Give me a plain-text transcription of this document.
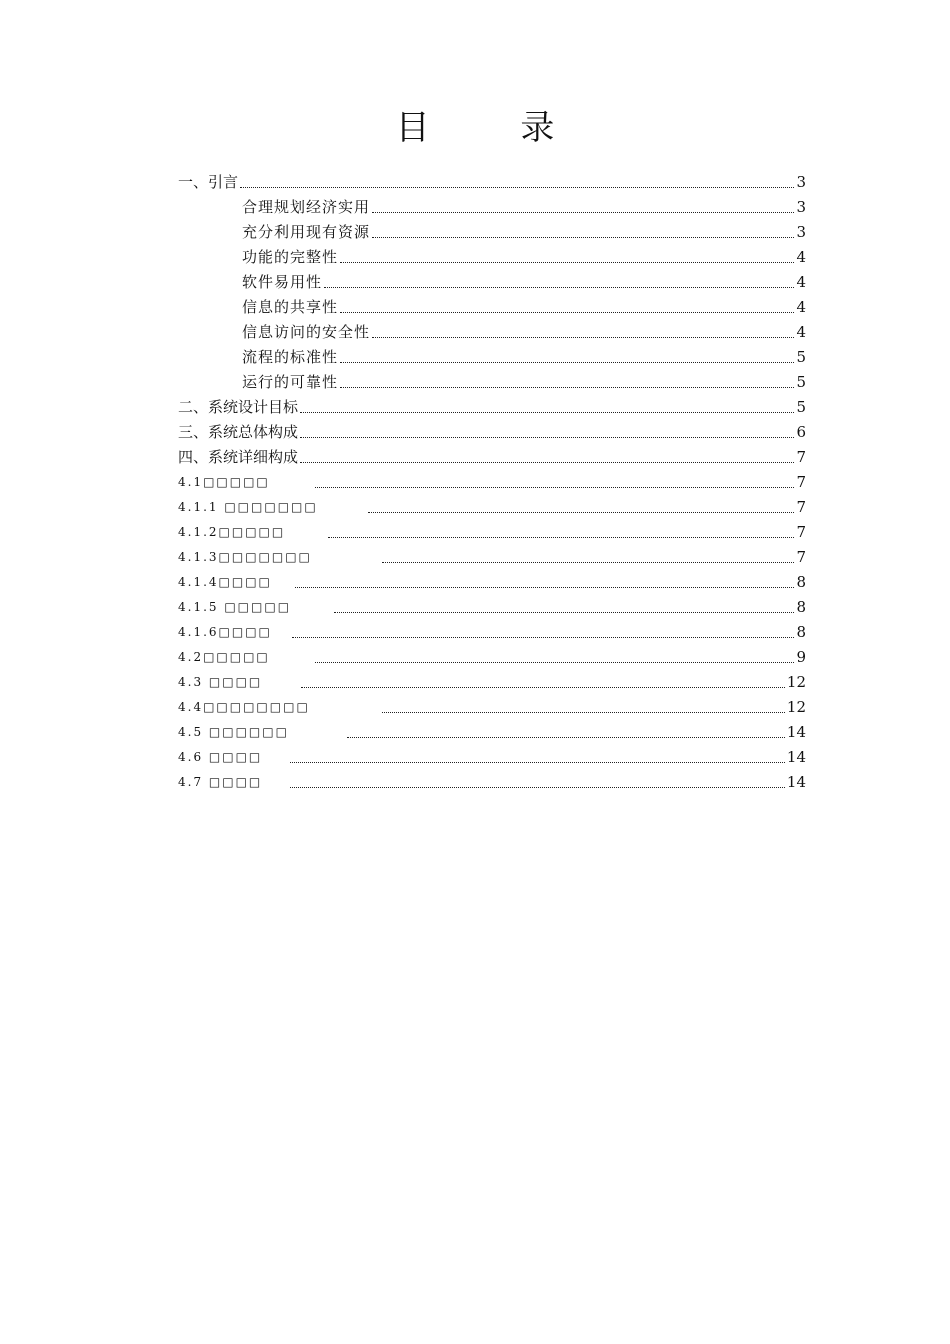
目 录
一、引言	3
合理规划经济实用	3
充分利用现有资源	3
功能的完整性	4
软件易用性	4
信息的共享性	4
信息访问的安全性	4
流程的标准性	5
运行的可靠性	5
二、系统设计目标	5
三、系统总体构成	6
四、系统详细构成	7
4.1□□□□□	7
4.1.1 □□□□□□□	7
4.1.2□□□□□	7
4.1.3□□□□□□□	7
4.1.4□□□□	8
4.1.5 □□□□□	8
4.1.6□□□□	8
4.2□□□□□	9
4.3 □□□□	12
4.4□□□□□□□□	12
4.5 □□□□□□	14
4.6 □□□□	14
4.7 □□□□	14
